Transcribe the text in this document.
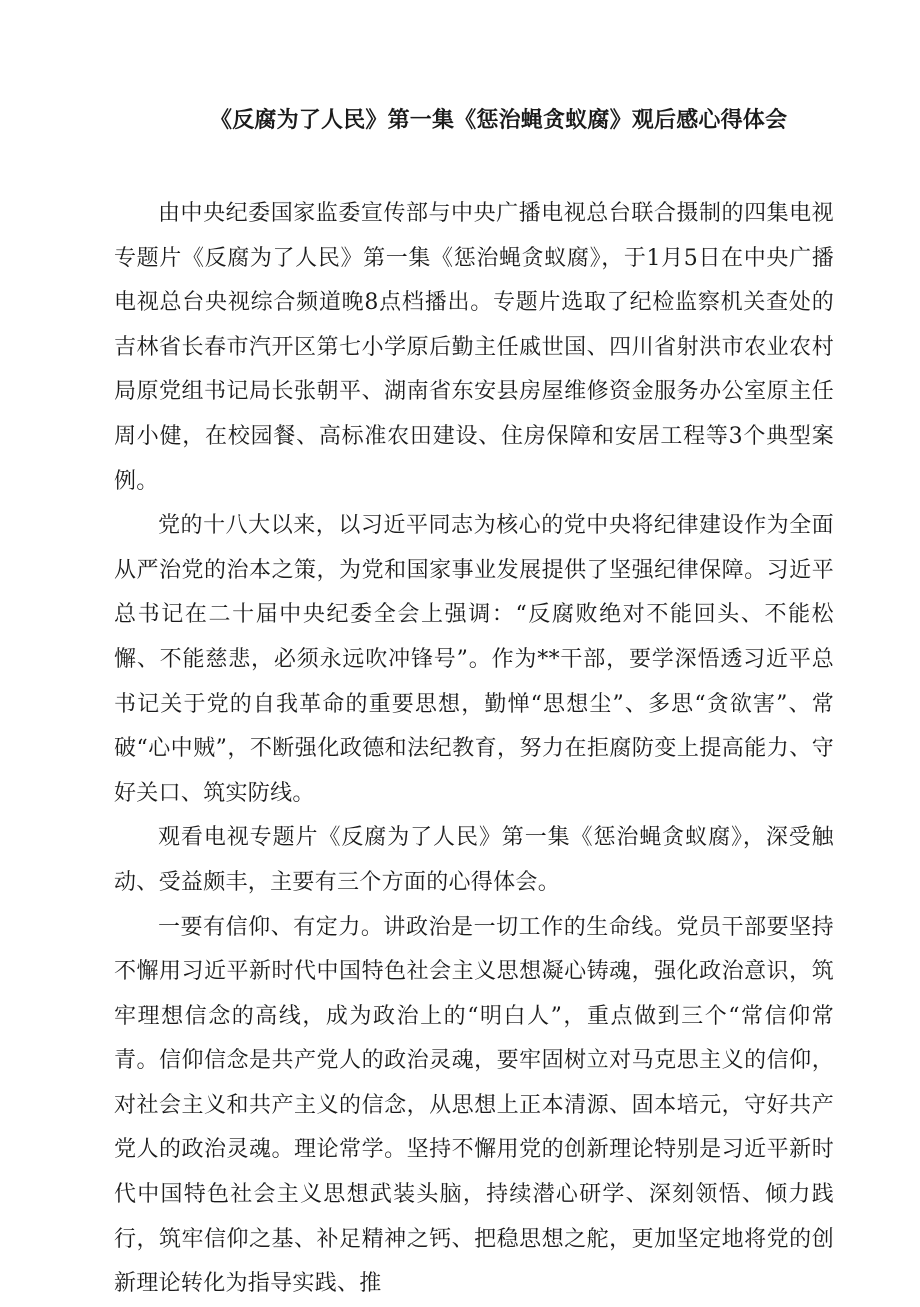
《反腐为了人民》第一集《惩治蝇贪蚁腐》观后感心得体会

由中央纪委国家监委宣传部与中央广播电视总台联合摄制的四集电视专题片《反腐为了人民》第一集《惩治蝇贪蚁腐》，于1月5日在中央广播电视总台央视综合频道晚8点档播出。专题片选取了纪检监察机关查处的吉林省长春市汽开区第七小学原后勤主任戚世国、四川省射洪市农业农村局原党组书记局长张朝平、湖南省东安县房屋维修资金服务办公室原主任周小健，在校园餐、高标准农田建设、住房保障和安居工程等3个典型案例。

党的十八大以来，以习近平同志为核心的党中央将纪律建设作为全面从严治党的治本之策，为党和国家事业发展提供了坚强纪律保障。习近平总书记在二十届中央纪委全会上强调：“反腐败绝对不能回头、不能松懈、不能慈悲，必须永远吹冲锋号”。作为**干部，要学深悟透习近平总书记关于党的自我革命的重要思想，勤惮“思想尘”、多思“贪欲害”、常破“心中贼”，不断强化政德和法纪教育，努力在拒腐防变上提高能力、守好关口、筑实防线。

观看电视专题片《反腐为了人民》第一集《惩治蝇贪蚁腐》，深受触动、受益颇丰，主要有三个方面的心得体会。

一要有信仰、有定力。讲政治是一切工作的生命线。党员干部要坚持不懈用习近平新时代中国特色社会主义思想凝心铸魂，强化政治意识，筑牢理想信念的高线，成为政治上的“明白人”，重点做到三个“常信仰常青。信仰信念是共产党人的政治灵魂，要牢固树立对马克思主义的信仰，对社会主义和共产主义的信念，从思想上正本清源、固本培元，守好共产党人的政治灵魂。理论常学。坚持不懈用党的创新理论特别是习近平新时代中国特色社会主义思想武装头脑，持续潜心研学、深刻领悟、倾力践行，筑牢信仰之基、补足精神之钙、把稳思想之舵，更加坚定地将党的创新理论转化为指导实践、推
